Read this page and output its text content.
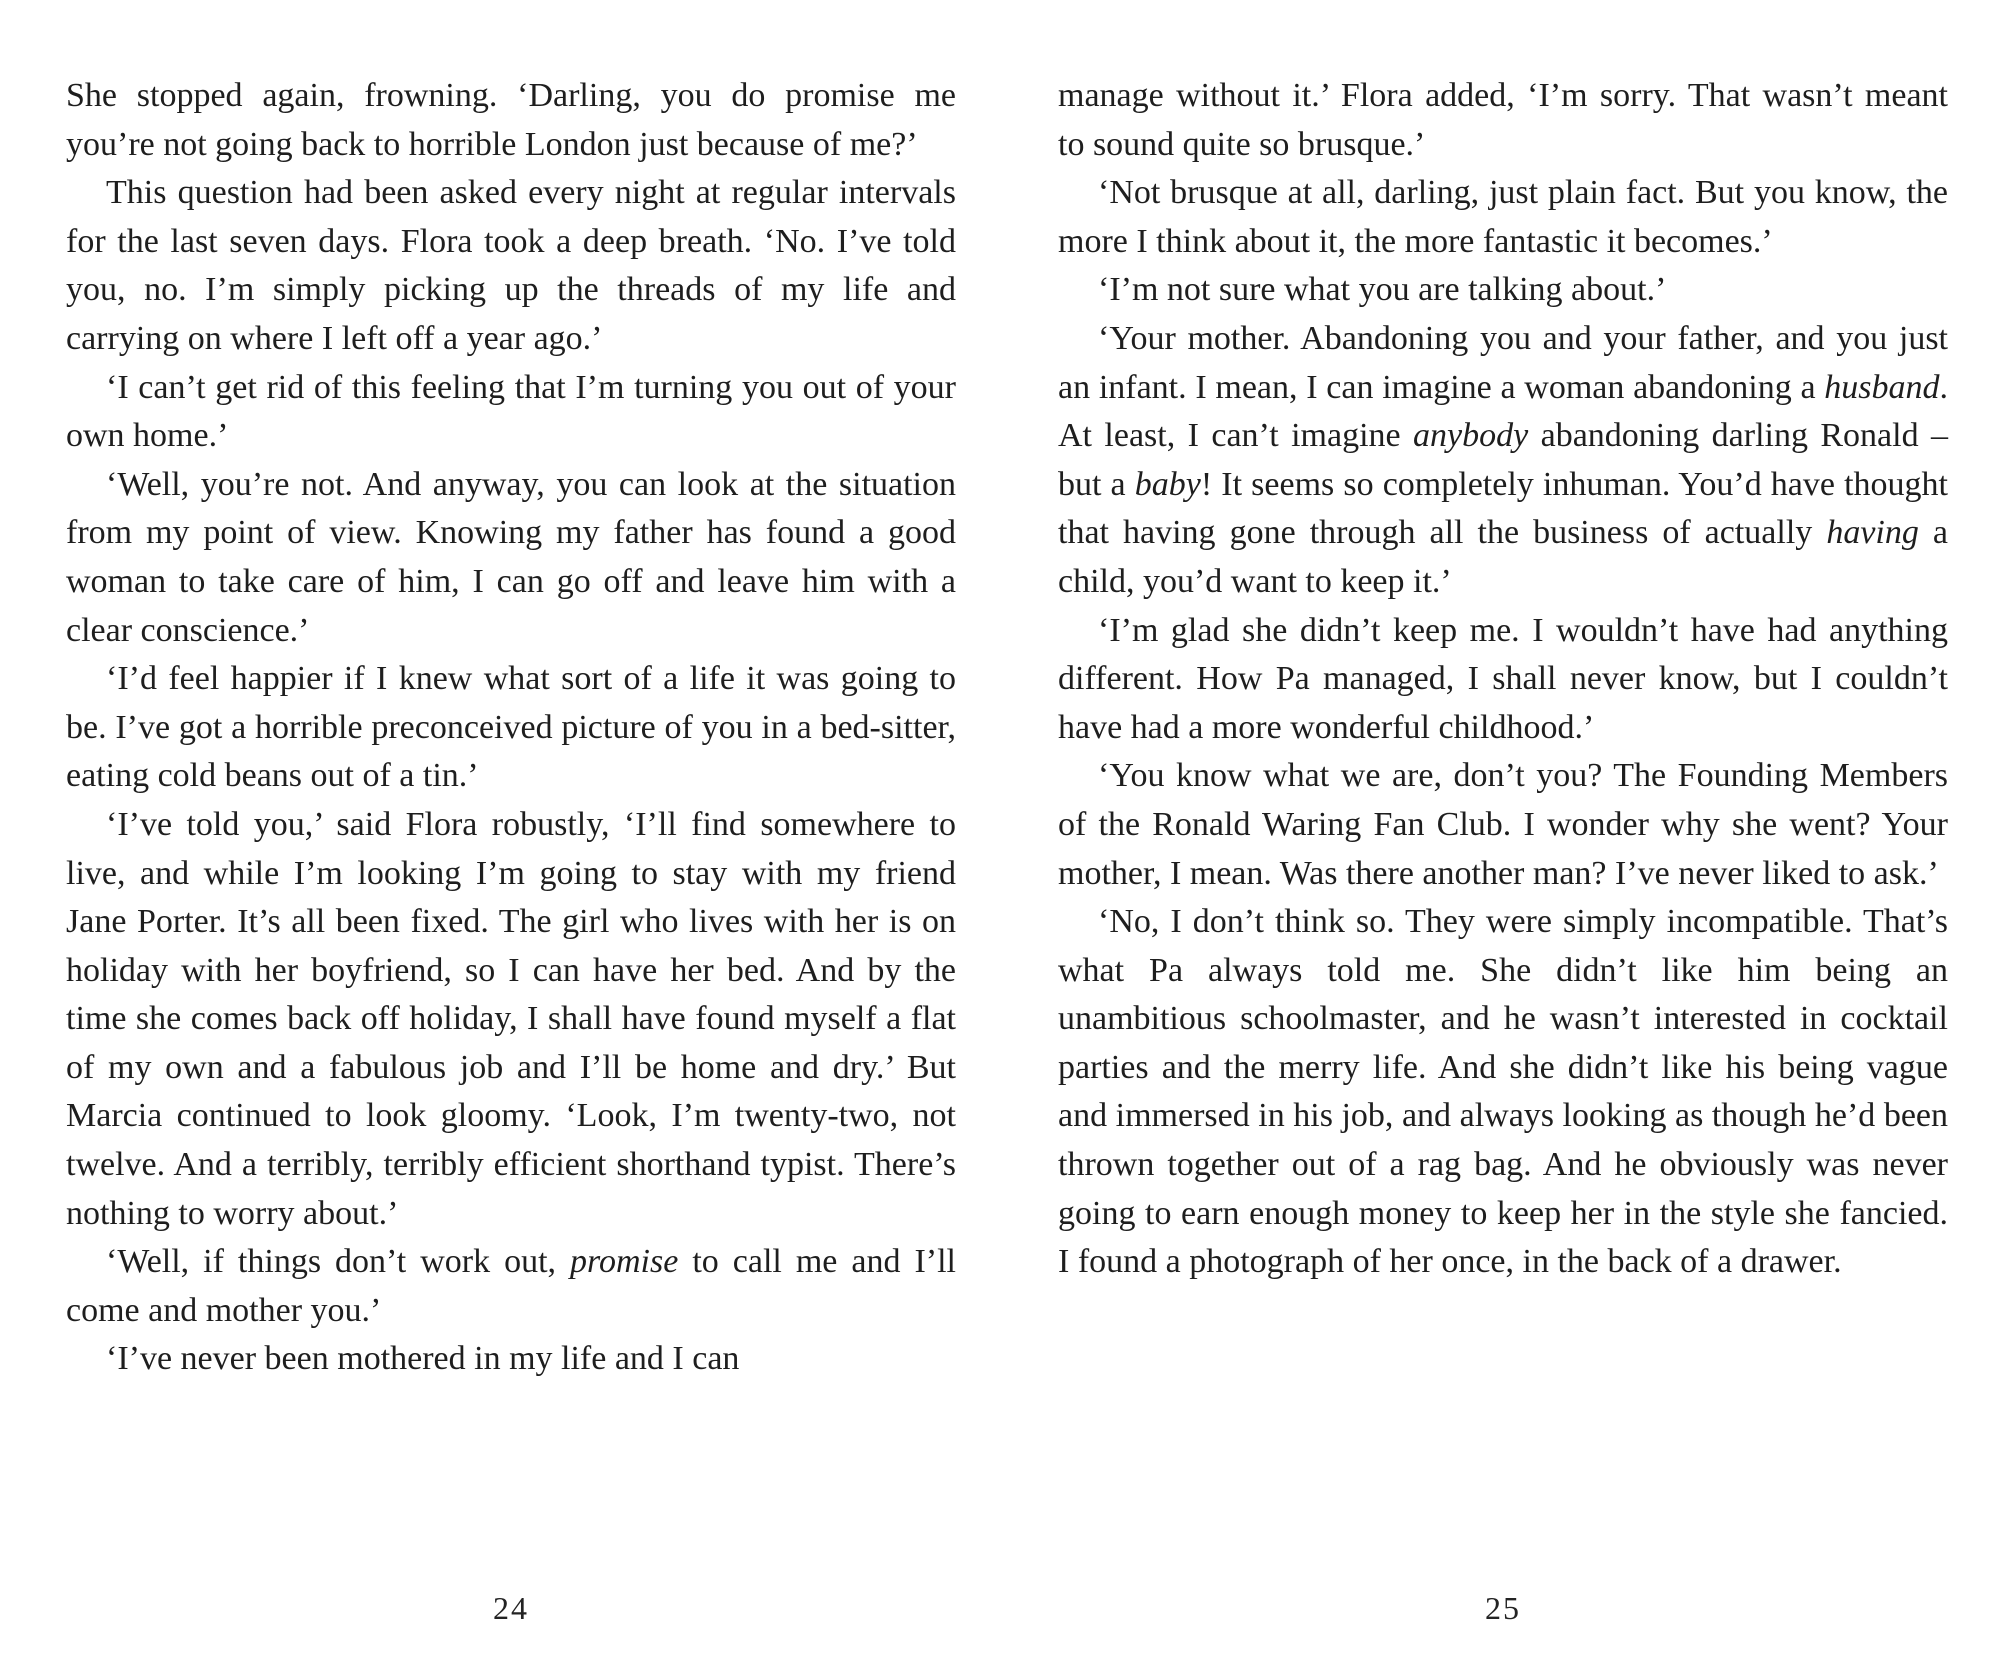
She stopped again, frowning. ‘Darling, you do promise me you’re not going back to horrible London just because of me?’

This question had been asked every night at regular intervals for the last seven days. Flora took a deep breath. ‘No. I’ve told you, no. I’m simply picking up the threads of my life and carrying on where I left off a year ago.’

‘I can’t get rid of this feeling that I’m turning you out of your own home.’

‘Well, you’re not. And anyway, you can look at the situation from my point of view. Knowing my father has found a good woman to take care of him, I can go off and leave him with a clear conscience.’

‘I’d feel happier if I knew what sort of a life it was going to be. I’ve got a horrible preconceived picture of you in a bed-sitter, eating cold beans out of a tin.’

‘I’ve told you,’ said Flora robustly, ‘I’ll find somewhere to live, and while I’m looking I’m going to stay with my friend Jane Porter. It’s all been fixed. The girl who lives with her is on holiday with her boyfriend, so I can have her bed. And by the time she comes back off holiday, I shall have found myself a flat of my own and a fabulous job and I’ll be home and dry.’ But Marcia continued to look gloomy. ‘Look, I’m twenty-two, not twelve. And a terribly, terribly efficient shorthand typist. There’s nothing to worry about.’

‘Well, if things don’t work out, promise to call me and I’ll come and mother you.’

‘I’ve never been mothered in my life and I can

24

manage without it.’ Flora added, ‘I’m sorry. That wasn’t meant to sound quite so brusque.’

‘Not brusque at all, darling, just plain fact. But you know, the more I think about it, the more fantastic it becomes.’

‘I’m not sure what you are talking about.’

‘Your mother. Abandoning you and your father, and you just an infant. I mean, I can imagine a woman abandoning a husband. At least, I can’t imagine anybody abandoning darling Ronald – but a baby! It seems so completely inhuman. You’d have thought that having gone through all the business of actually having a child, you’d want to keep it.’

‘I’m glad she didn’t keep me. I wouldn’t have had anything different. How Pa managed, I shall never know, but I couldn’t have had a more wonderful childhood.’

‘You know what we are, don’t you? The Founding Members of the Ronald Waring Fan Club. I wonder why she went? Your mother, I mean. Was there another man? I’ve never liked to ask.’

‘No, I don’t think so. They were simply incompatible. That’s what Pa always told me. She didn’t like him being an unambitious schoolmaster, and he wasn’t interested in cocktail parties and the merry life. And she didn’t like his being vague and immersed in his job, and always looking as though he’d been thrown together out of a rag bag. And he obviously was never going to earn enough money to keep her in the style she fancied. I found a photograph of her once, in the back of a drawer.

25
